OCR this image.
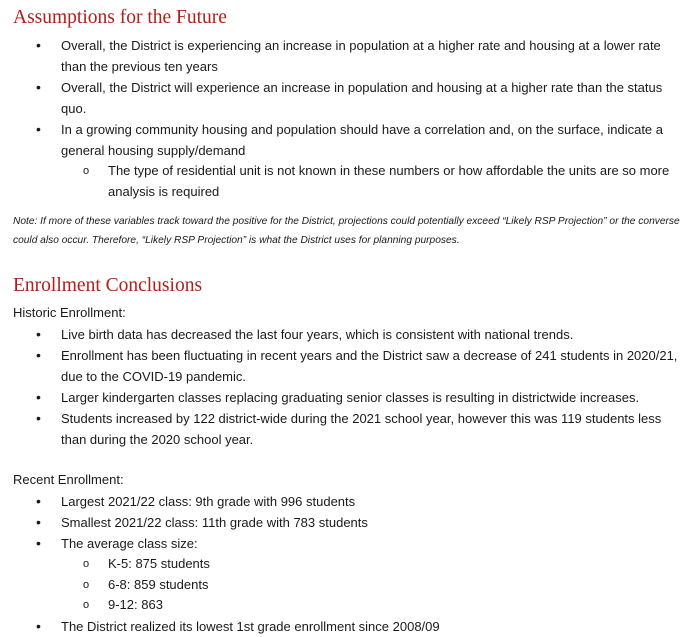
Assumptions for the Future
• Overall, the District is experiencing an increase in population at a higher rate and housing at a lower rate than the previous ten years
• Overall, the District will experience an increase in population and housing at a higher rate than the status quo.
• In a growing community housing and population should have a correlation and, on the surface, indicate a general housing supply/demand
o The type of residential unit is not known in these numbers or how affordable the units are so more analysis is required

Note: If more of these variables track toward the positive for the District, projections could potentially exceed “Likely RSP Projection” or the converse could also occur. Therefore, “Likely RSP Projection” is what the District uses for planning purposes.

Enrollment Conclusions

Historic Enrollment:

• Live birth data has decreased the last four years, which is consistent with national trends.
• Enrollment has been fluctuating in recent years and the District saw a decrease of 241 students in 2020/21, due to the COVID-19 pandemic.
• Larger kindergarten classes replacing graduating senior classes is resulting in districtwide increases.
• Students increased by 122 district-wide during the 2021 school year, however this was 119 students less than during the 2020 school year.

Recent Enrollment:

• Largest 2021/22 class: 9th grade with 996 students
• Smallest 2021/22 class: 11th grade with 783 students
• The average class size:
o K-5: 875 students
o 6-8: 859 students
o 9-12: 863
• The District realized its lowest 1st grade enrollment since 2008/09
